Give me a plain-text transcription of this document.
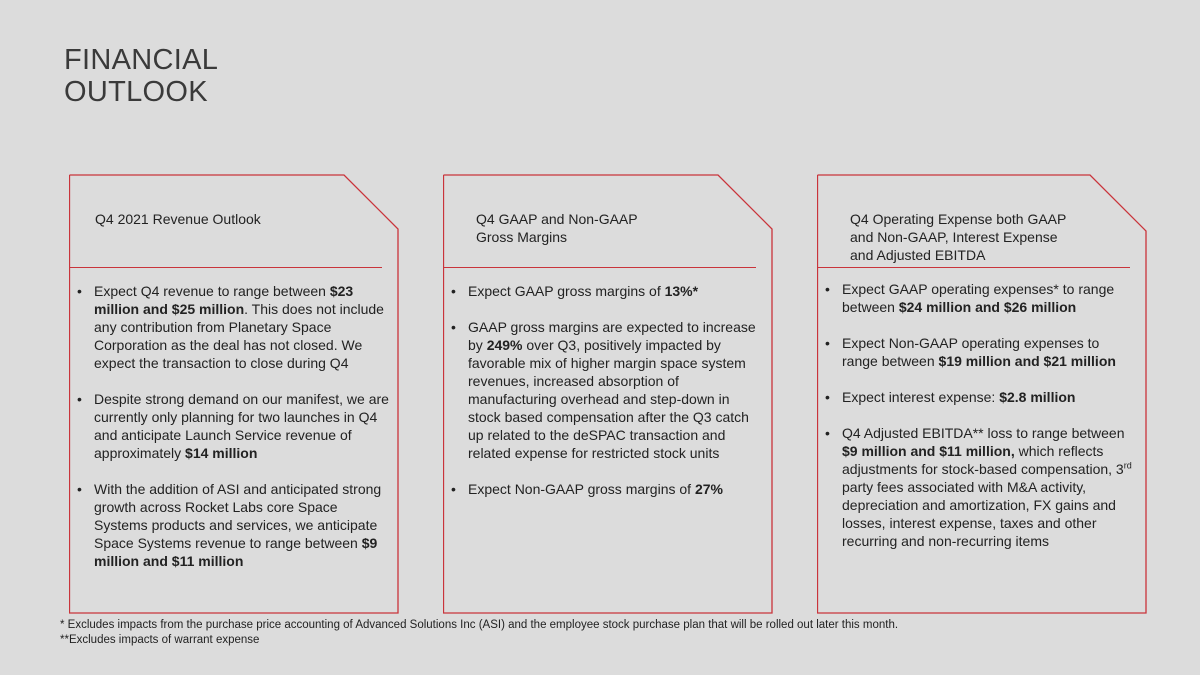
FINANCIAL
OUTLOOK
Q4 2021 Revenue Outlook
• Expect Q4 revenue to range between $23 million and $25 million. This does not include any contribution from Planetary Space Corporation as the deal has not closed. We expect the transaction to close during Q4
• Despite strong demand on our manifest, we are currently only planning for two launches in Q4 and anticipate Launch Service revenue of approximately $14 million
• With the addition of ASI and anticipated strong growth across Rocket Labs core Space Systems products and services, we anticipate Space Systems revenue to range between $9 million and $11 million
Q4 GAAP and Non-GAAP
Gross Margins
• Expect GAAP gross margins of 13%*
• GAAP gross margins are expected to increase by 249% over Q3, positively impacted by favorable mix of higher margin space system revenues, increased absorption of manufacturing overhead and step-down in stock based compensation after the Q3 catch up related to the deSPAC transaction and related expense for restricted stock units
• Expect Non-GAAP gross margins of 27%
Q4 Operating Expense both GAAP
and Non-GAAP, Interest Expense
and Adjusted EBITDA
• Expect GAAP operating expenses* to range between $24 million and $26 million
• Expect Non-GAAP operating expenses to range between $19 million and $21 million
• Expect interest expense: $2.8 million
• Q4 Adjusted EBITDA** loss to range between $9 million and $11 million, which reflects adjustments for stock-based compensation, 3rd party fees associated with M&A activity, depreciation and amortization, FX gains and losses, interest expense, taxes and other recurring and non-recurring items
* Excludes impacts from the purchase price accounting of Advanced Solutions Inc (ASI) and the employee stock purchase plan that will be rolled out later this month.
**Excludes impacts of warrant expense
